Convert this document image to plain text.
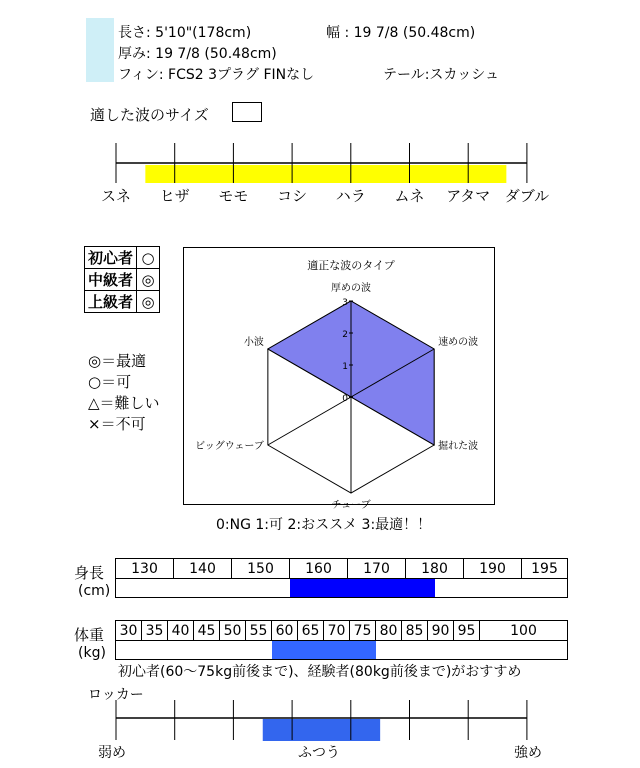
長さ: 5'10"(178cm)	幅 : 19 7/8 (50.48cm)
厚み: 19 7/8 (50.48cm)
フィン: FCS2 3プラグ FINなし	テール:スカッシュ
適した波のサイズ
スネ ヒザ モモ コシ ハラ ムネ アタマ ダブル
初心者	○
中級者	◎
上級者	◎
◎＝最適
○＝可
△＝難しい
×＝不可
適正な波のタイプ
0
1
2
3
厚めの波
速めの波
掘れた波
チューブ
ビッグウェーブ
小波
0:NG 1:可 2:おススメ 3:最適！！
身長
(cm)
130	140	150	160	170	180	190	195

体重
(kg)
30	35	40	45	50	55	60	65	70	75	80	85	90	95	100

初心者(60〜75kg前後まで)、経験者(80kg前後まで)がおすすめ
ロッカー
弱め	ふつう	強め
